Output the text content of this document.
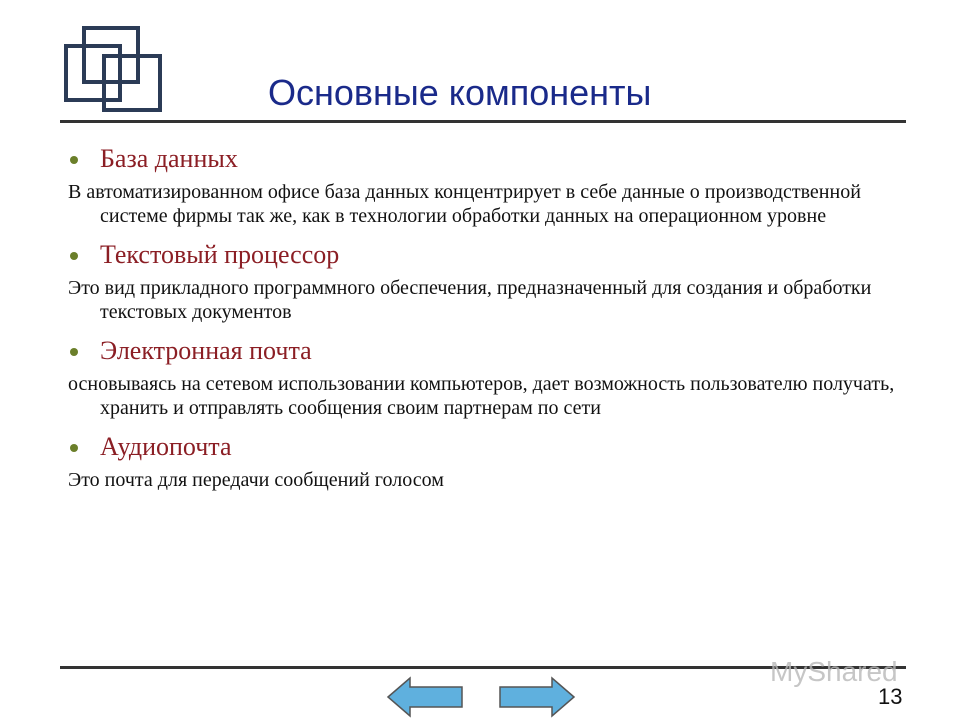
Основные компоненты
База данных
В автоматизированном офисе база данных концентрирует в себе данные о производственной системе фирмы так же, как в технологии обработки данных на операционном уровне
Текстовый процессор
Это вид прикладного программного обеспечения, предназначенный для создания и обработки текстовых документов
Электронная почта
основываясь на сетевом использовании компьютеров, дает возможность пользователю получать, хранить и отправлять сообщения своим партнерам по сети
Аудиопочта
Это почта для передачи сообщений голосом
MyShared
13
